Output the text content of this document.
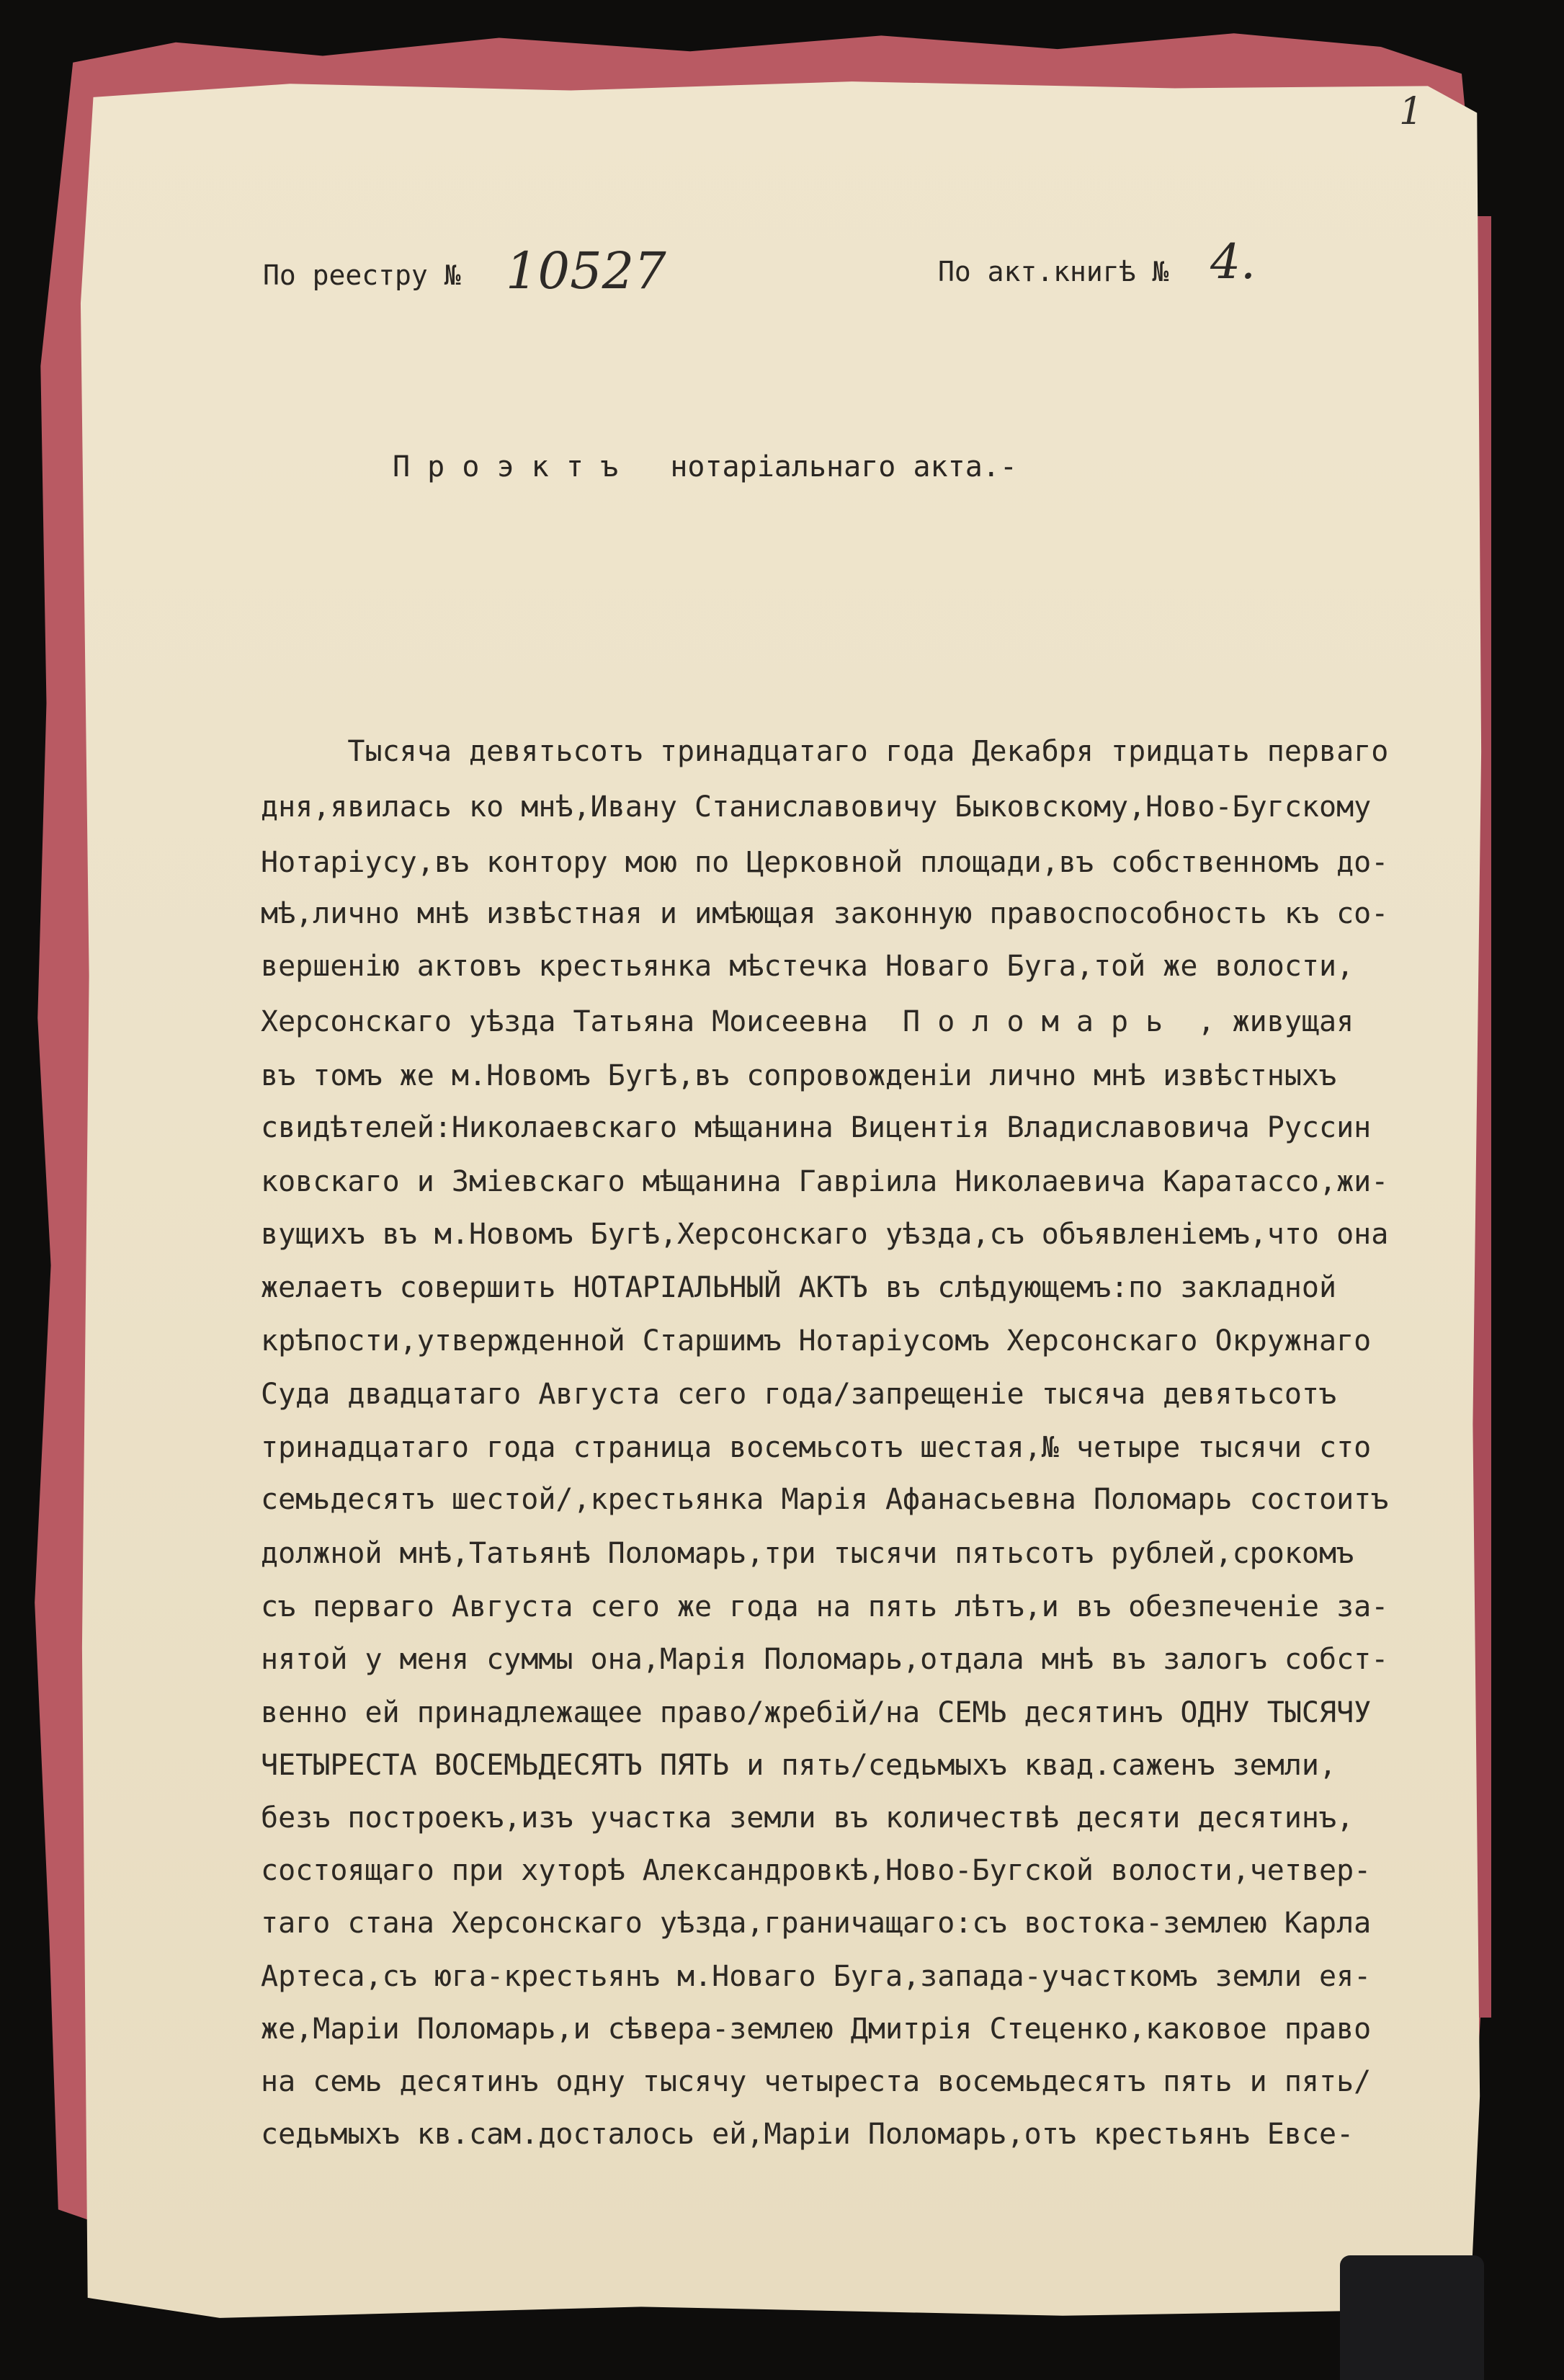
1
По реестру № 10527	По акт.книгѣ № 4.
П р о э к т ъ   нотаріальнаго акта.-
Тысяча девятьсотъ тринадцатаго года Декабря тридцать перваго
дня,явилась ко мнѣ,Ивану Станиславовичу Быковскому,Ново-Бугскому
Нотаріусу,въ контору мою по Церковной площади,въ собственномъ до-
мѣ,лично мнѣ извѣстная и имѣющая законную правоспособность къ со-
вершенію актовъ крестьянка мѣстечка Новаго Буга,той же волости,
Херсонскаго уѣзда Татьяна Моисеевна  П о л о м а р ь  , живущая
въ томъ же м.Новомъ Бугѣ,въ сопровожденіи лично мнѣ извѣстныхъ
свидѣтелей:Николаевскаго мѣщанина Вицентія Владиславовича Руссин
ковскаго и Зміевскаго мѣщанина Гавріила Николаевича Каратассо,жи-
вущихъ въ м.Новомъ Бугѣ,Херсонскаго уѣзда,съ объявленіемъ,что она
желаетъ совершить НОТАРІАЛЬНЫЙ АКТЪ въ слѣдующемъ:по закладной
крѣпости,утвержденной Старшимъ Нотаріусомъ Херсонскаго Окружнаго
Суда двадцатаго Августа сего года/запрещеніе тысяча девятьсотъ
тринадцатаго года страница восемьсотъ шестая,№ четыре тысячи сто
семьдесятъ шестой/,крестьянка Марія Афанасьевна Поломарь состоитъ
должной мнѣ,Татьянѣ Поломарь,три тысячи пятьсотъ рублей,срокомъ
съ перваго Августа сего же года на пять лѣтъ,и въ обезпеченіе за-
нятой у меня суммы она,Марія Поломарь,отдала мнѣ въ залогъ собст-
венно ей принадлежащее право/жребій/на СЕМЬ десятинъ ОДНУ ТЫСЯЧУ
ЧЕТЫРЕСТА ВОСЕМЬДЕСЯТЪ ПЯТЬ и пять/седьмыхъ квад.саженъ земли,
безъ построекъ,изъ участка земли въ количествѣ десяти десятинъ,
состоящаго при хуторѣ Александровкѣ,Ново-Бугской волости,четвер-
таго стана Херсонскаго уѣзда,граничащаго:съ востока-землею Карла
Артеса,съ юга-крестьянъ м.Новаго Буга,запада-участкомъ земли ея-
же,Маріи Поломарь,и сѣвера-землею Дмитрія Стеценко,каковое право
на семь десятинъ одну тысячу четыреста восемьдесятъ пять и пять/
седьмыхъ кв.сам.досталось ей,Маріи Поломарь,отъ крестьянъ Евсе-
